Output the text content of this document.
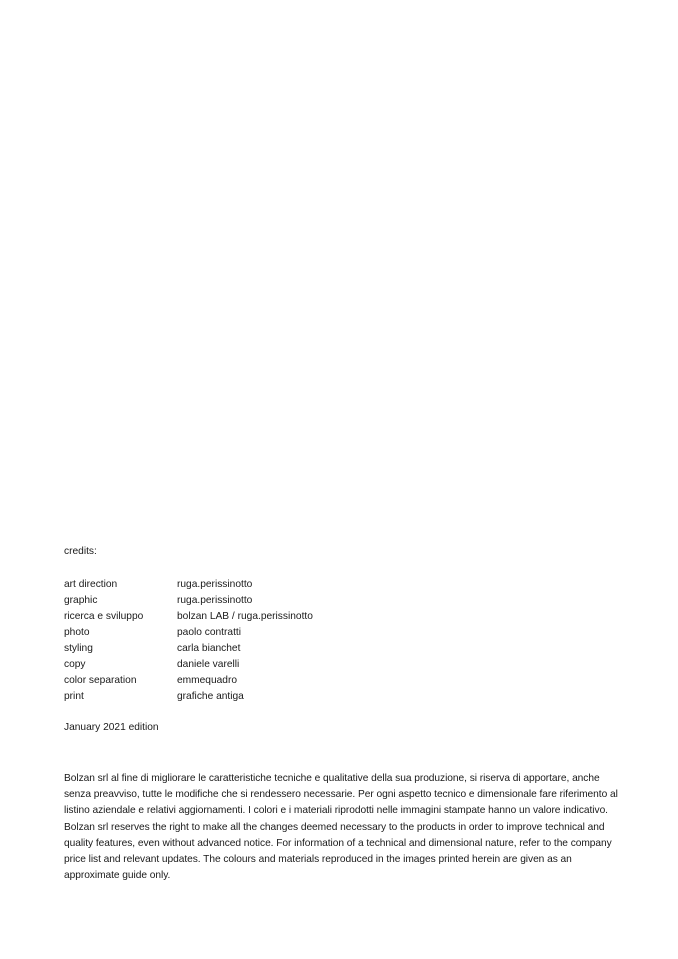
credits:
art direction	ruga.perissinotto
graphic	ruga.perissinotto
ricerca e sviluppo	bolzan LAB / ruga.perissinotto
photo	paolo contratti
styling	carla bianchet
copy	daniele varelli
color separation	emmequadro
print	grafiche antiga
January 2021 edition

Bolzan srl al fine di migliorare le caratteristiche tecniche e qualitative della sua produzione, si riserva di apportare, anche senza preavviso, tutte le modifiche che si rendessero necessarie. Per ogni aspetto tecnico e dimensionale fare riferimento al listino aziendale e relativi aggiornamenti. I colori e i materiali riprodotti nelle immagini stampate hanno un valore indicativo.

Bolzan srl reserves the right to make all the changes deemed necessary to the products in order to improve technical and quality features, even without advanced notice. For information of a technical and dimensional nature, refer to the company price list and relevant updates. The colours and materials reproduced in the images printed herein are given as an approximate guide only.
